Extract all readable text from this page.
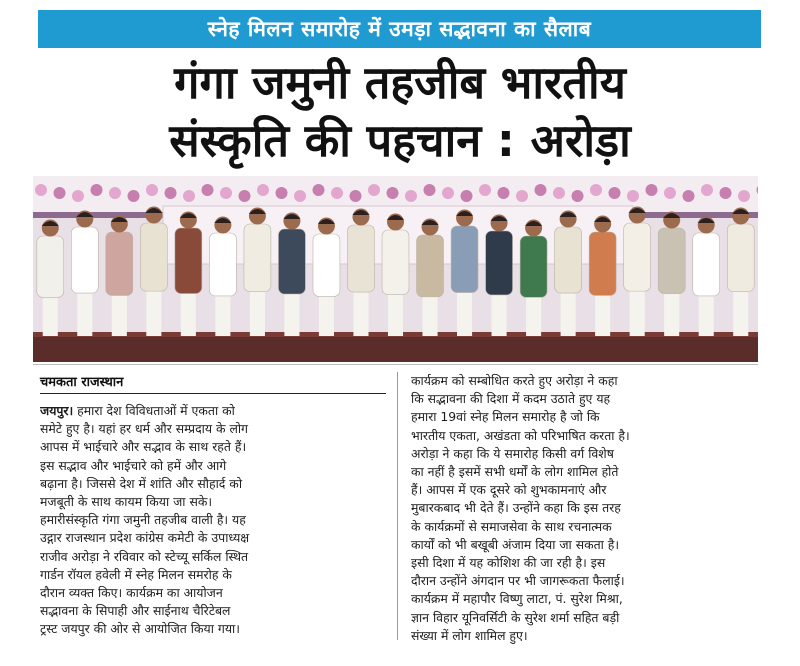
स्नेह मिलन समारोह में उमड़ा सद्भावना का सैलाब
गंगा जमुनी तहजीब भारतीय
संस्कृति की पहचान : अरोड़ा
चमकता राजस्थान
जयपुर। हमारा देश विविधताओं में एकता को
समेटे हुए है। यहां हर धर्म और सम्प्रदाय के लोग
आपस में भाईचारे और सद्भाव के साथ रहते हैं।
इस सद्भाव और भाईचारे को हमें और आगे
बढ़ाना है। जिससे देश में शांति और सौहार्द को
मजबूती के साथ कायम किया जा सके।
हमारीसंस्कृति गंगा जमुनी तहजीब वाली है। यह
उद्गार राजस्थान प्रदेश कांग्रेस कमेटी के उपाध्यक्ष
राजीव अरोड़ा ने रविवार को स्टेच्यू सर्किल स्थित
गार्डन रॉयल हवेली में स्नेह मिलन समरोह के
दौरान व्यक्त किए। कार्यक्रम का आयोजन
सद्भावना के सिपाही और साईनाथ चैरिटेबल
ट्रस्ट जयपुर की ओर से आयोजित किया गया।
कार्यक्रम को सम्बोधित करते हुए अरोड़ा ने कहा
कि सद्भावना की दिशा में कदम उठाते हुए यह
हमारा 19वां स्नेह मिलन समारोह है जो कि
भारतीय एकता, अखंडता को परिभाषित करता है।
अरोड़ा ने कहा कि ये समारोह किसी वर्ग विशेष
का नहीं है इसमें सभी धर्मों के लोग शामिल होते
हैं। आपस में एक दूसरे को शुभकामनाएं और
मुबारकबाद भी देते हैं। उन्होंने कहा कि इस तरह
के कार्यक्रमों से समाजसेवा के साथ रचनात्मक
कार्यों को भी बखूबी अंजाम दिया जा सकता है।
इसी दिशा में यह कोशिश की जा रही है। इस
दौरान उन्होंने अंगदान पर भी जागरूकता फैलाई।
कार्यक्रम में महापौर विष्णु लाटा, पं. सुरेश मिश्रा,
ज्ञान विहार यूनिवर्सिटी के सुरेश शर्मा सहित बड़ी
संख्या में लोग शामिल हुए।
